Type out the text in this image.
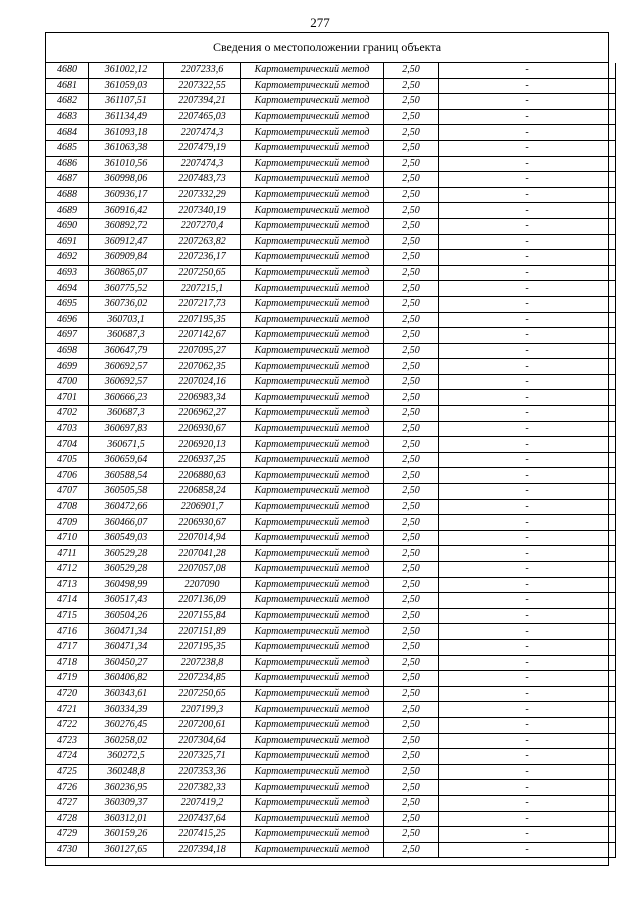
277
Сведения о местоположении границ объекта
4680	361002,12	2207233,6	Картометрический метод	2,50	-
4681	361059,03	2207322,55	Картометрический метод	2,50	-
4682	361107,51	2207394,21	Картометрический метод	2,50	-
4683	361134,49	2207465,03	Картометрический метод	2,50	-
4684	361093,18	2207474,3	Картометрический метод	2,50	-
4685	361063,38	2207479,19	Картометрический метод	2,50	-
4686	361010,56	2207474,3	Картометрический метод	2,50	-
4687	360998,06	2207483,73	Картометрический метод	2,50	-
4688	360936,17	2207332,29	Картометрический метод	2,50	-
4689	360916,42	2207340,19	Картометрический метод	2,50	-
4690	360892,72	2207270,4	Картометрический метод	2,50	-
4691	360912,47	2207263,82	Картометрический метод	2,50	-
4692	360909,84	2207236,17	Картометрический метод	2,50	-
4693	360865,07	2207250,65	Картометрический метод	2,50	-
4694	360775,52	2207215,1	Картометрический метод	2,50	-
4695	360736,02	2207217,73	Картометрический метод	2,50	-
4696	360703,1	2207195,35	Картометрический метод	2,50	-
4697	360687,3	2207142,67	Картометрический метод	2,50	-
4698	360647,79	2207095,27	Картометрический метод	2,50	-
4699	360692,57	2207062,35	Картометрический метод	2,50	-
4700	360692,57	2207024,16	Картометрический метод	2,50	-
4701	360666,23	2206983,34	Картометрический метод	2,50	-
4702	360687,3	2206962,27	Картометрический метод	2,50	-
4703	360697,83	2206930,67	Картометрический метод	2,50	-
4704	360671,5	2206920,13	Картометрический метод	2,50	-
4705	360659,64	2206937,25	Картометрический метод	2,50	-
4706	360588,54	2206880,63	Картометрический метод	2,50	-
4707	360505,58	2206858,24	Картометрический метод	2,50	-
4708	360472,66	2206901,7	Картометрический метод	2,50	-
4709	360466,07	2206930,67	Картометрический метод	2,50	-
4710	360549,03	2207014,94	Картометрический метод	2,50	-
4711	360529,28	2207041,28	Картометрический метод	2,50	-
4712	360529,28	2207057,08	Картометрический метод	2,50	-
4713	360498,99	2207090	Картометрический метод	2,50	-
4714	360517,43	2207136,09	Картометрический метод	2,50	-
4715	360504,26	2207155,84	Картометрический метод	2,50	-
4716	360471,34	2207151,89	Картометрический метод	2,50	-
4717	360471,34	2207195,35	Картометрический метод	2,50	-
4718	360450,27	2207238,8	Картометрический метод	2,50	-
4719	360406,82	2207234,85	Картометрический метод	2,50	-
4720	360343,61	2207250,65	Картометрический метод	2,50	-
4721	360334,39	2207199,3	Картометрический метод	2,50	-
4722	360276,45	2207200,61	Картометрический метод	2,50	-
4723	360258,02	2207304,64	Картометрический метод	2,50	-
4724	360272,5	2207325,71	Картометрический метод	2,50	-
4725	360248,8	2207353,36	Картометрический метод	2,50	-
4726	360236,95	2207382,33	Картометрический метод	2,50	-
4727	360309,37	2207419,2	Картометрический метод	2,50	-
4728	360312,01	2207437,64	Картометрический метод	2,50	-
4729	360159,26	2207415,25	Картометрический метод	2,50	-
4730	360127,65	2207394,18	Картометрический метод	2,50	-
